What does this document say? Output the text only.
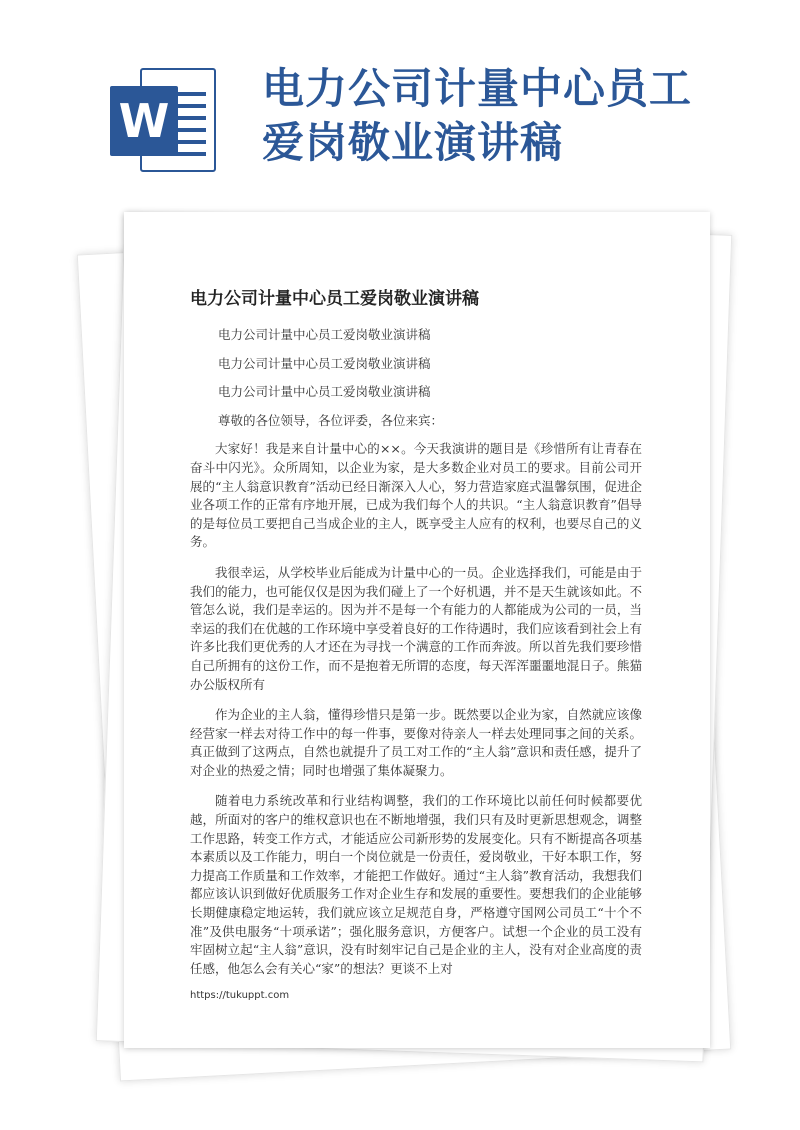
W
电力公司计量中心员工
爱岗敬业演讲稿
电力公司计量中心员工爱岗敬业演讲稿
电力公司计量中心员工爱岗敬业演讲稿
电力公司计量中心员工爱岗敬业演讲稿
电力公司计量中心员工爱岗敬业演讲稿
尊敬的各位领导，各位评委，各位来宾：

大家好！我是来自计量中心的××。今天我演讲的题目是《珍惜所有让青春在奋斗中闪光》。众所周知，以企业为家，是大多数企业对员工的要求。目前公司开展的“主人翁意识教育”活动已经日渐深入人心，努力营造家庭式温馨氛围，促进企业各项工作的正常有序地开展，已成为我们每个人的共识。“主人翁意识教育”倡导的是每位员工要把自己当成企业的主人，既享受主人应有的权利，也要尽自己的义务。

我很幸运，从学校毕业后能成为计量中心的一员。企业选择我们，可能是由于我们的能力，也可能仅仅是因为我们碰上了一个好机遇，并不是天生就该如此。不管怎么说，我们是幸运的。因为并不是每一个有能力的人都能成为公司的一员，当幸运的我们在优越的工作环境中享受着良好的工作待遇时，我们应该看到社会上有许多比我们更优秀的人才还在为寻找一个满意的工作而奔波。所以首先我们要珍惜自己所拥有的这份工作，而不是抱着无所谓的态度，每天浑浑噩噩地混日子。熊猫办公版权所有

作为企业的主人翁，懂得珍惜只是第一步。既然要以企业为家，自然就应该像经营家一样去对待工作中的每一件事，要像对待亲人一样去处理同事之间的关系。真正做到了这两点，自然也就提升了员工对工作的“主人翁”意识和责任感，提升了对企业的热爱之情；同时也增强了集体凝聚力。

随着电力系统改革和行业结构调整，我们的工作环境比以前任何时候都要优越，所面对的客户的维权意识也在不断地增强，我们只有及时更新思想观念，调整工作思路，转变工作方式，才能适应公司新形势的发展变化。只有不断提高各项基本素质以及工作能力，明白一个岗位就是一份责任，爱岗敬业，干好本职工作，努力提高工作质量和工作效率，才能把工作做好。通过“主人翁”教育活动，我想我们都应该认识到做好优质服务工作对企业生存和发展的重要性。要想我们的企业能够长期健康稳定地运转，我们就应该立足规范自身，严格遵守国网公司员工“十个不准”及供电服务“十项承诺”；强化服务意识，方便客户。试想一个企业的员工没有牢固树立起“主人翁”意识，没有时刻牢记自己是企业的主人，没有对企业高度的责任感，他怎么会有关心“家”的想法？更谈不上对

https://tukuppt.com
